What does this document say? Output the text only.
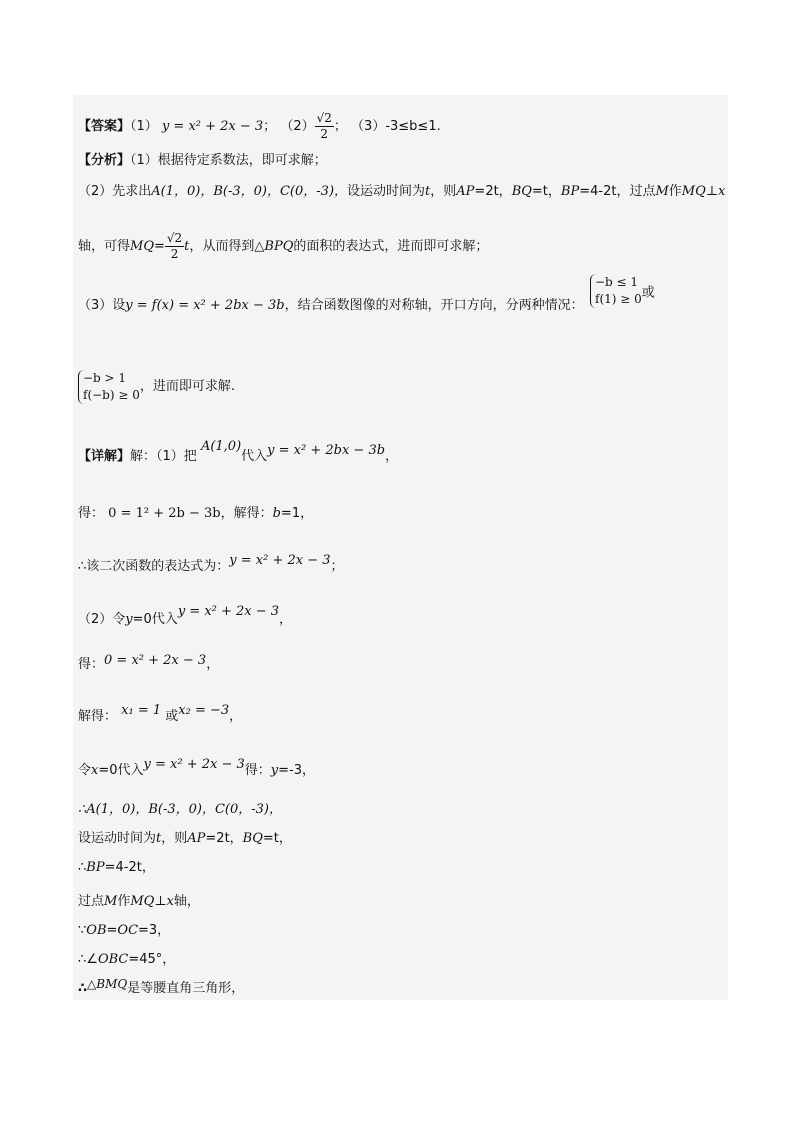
【答案】（1） y = x² + 2x − 3； $(2) \frac{√2}{2}$ ； （3）-3≤b≤1.
【分析】（1）根据待定系数法，即可求解；
（2）先求出A(1，0)，B(-3，0)，C(0，-3)，设运动时间为t，则AP=2t，BQ=t，BP=4-2t，过点M作MQ⊥x
轴，可得$MQ= \frac{√2}{2}$ t，从而得到△BPQ的面积的表达式，进而即可求解；
（3）设y = f(x) = x² + 2bx − 3b，结合函数图像的对称轴，开口方向，分两种情况：
−b ≤ 1
f(1) ≥ 0 或
−b > 1
f(−b) ≥ 0
，进而即可求解.
【详解】解：（1）把 A(1,0)代入y = x² + 2bx − 3b，
得： 0 = 1² + 2b − 3b，解得：b=1，
∴该二次函数的表达式为：y = x² + 2x − 3；
（2）令y=0代入y = x² + 2x − 3，
得：0 = x² + 2x − 3，
解得： x₁ = 1 或x₂ = −3，
令x=0代入y = x² + 2x − 3得：y=-3，
∴A(1，0)，B(-3，0)，C(0，-3)，
设运动时间为t，则AP=2t，BQ=t，
∴BP=4-2t，
过点M作MQ⊥x轴，
∵OB=OC=3，
∴∠OBC=45°，
∴△BMQ是等腰直角三角形，
